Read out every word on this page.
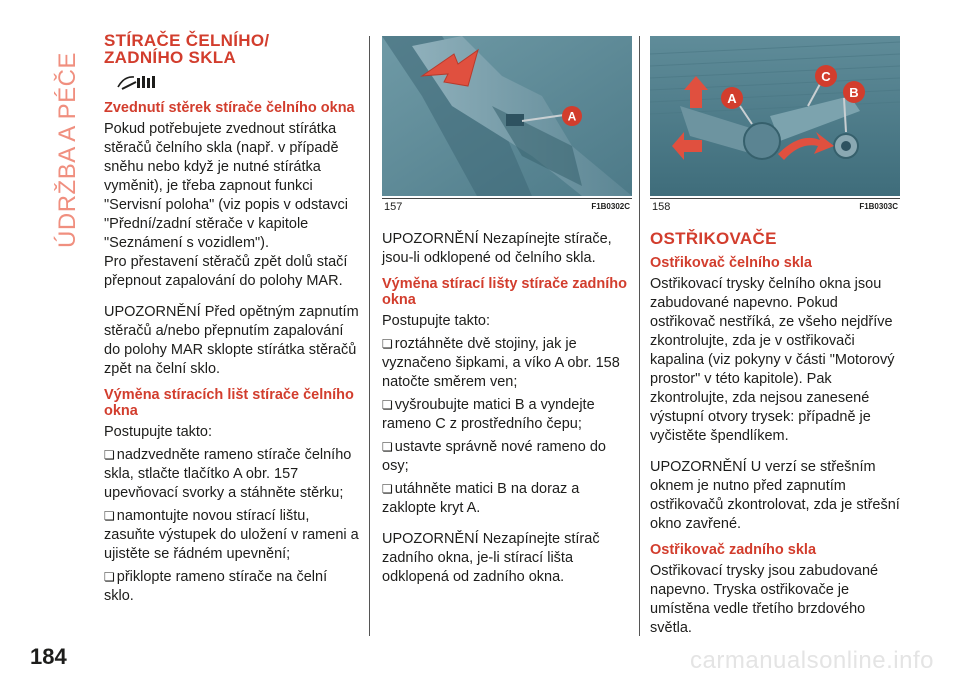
ÚDRŽBA A PÉČE
STÍRAČE ČELNÍHO/
ZADNÍHO SKLA
Zvednutí stěrek stírače čelního okna

Pokud potřebujete zvednout stírátka stěračů čelního skla (např. v případě sněhu nebo když je nutné stírátka vyměnit), je třeba zapnout funkci "Servisní poloha" (viz popis v odstavci "Přední/zadní stěrače v kapitole "Seznámení s vozidlem").

Pro přestavení stěračů zpět dolů stačí přepnout zapalování do polohy MAR.

UPOZORNĚNÍ Před opětným zapnutím stěračů a/nebo přepnutím zapalování do polohy MAR sklopte stírátka stěračů zpět na čelní sklo.

Výměna stíracích lišt stírače čelního okna

Postupujte takto:

❏ nadzvedněte rameno stírače čelního skla, stlačte tlačítko A obr. 157 upevňovací svorky a stáhněte stěrku;

❏ namontujte novou stírací lištu, zasuňte výstupek do uložení v rameni a ujistěte se řádném upevnění;

❏ přiklopte rameno stírače na čelní sklo.

A
157	F1B0302C
A
C
B
158	F1B0303C

UPOZORNĚNÍ Nezapínejte stírače, jsou-li odklopené od čelního skla.

Výměna stírací lišty stírače zadního okna

Postupujte takto:

❏ roztáhněte dvě stojiny, jak je vyznačeno šipkami, a víko A obr. 158 natočte směrem ven;

❏ vyšroubujte matici B a vyndejte rameno C z prostředního čepu;

❏ ustavte správně nové rameno do osy;

❏ utáhněte matici B na doraz a zaklopte kryt A.

UPOZORNĚNÍ Nezapínejte stírač zadního okna, je-li stírací lišta odklopená od zadního okna.

OSTŘIKOVAČE
Ostřikovač čelního skla

Ostřikovací trysky čelního okna jsou zabudované napevno. Pokud ostřikovač nestříká, ze všeho nejdříve zkontrolujte, zda je v ostřikovači kapalina (viz pokyny v části "Motorový prostor" v této kapitole). Pak zkontrolujte, zda nejsou zanesené výstupní otvory trysek: případně je vyčistěte špendlíkem.

UPOZORNĚNÍ U verzí se střešním oknem je nutno před zapnutím ostřikovačů zkontrolovat, zda je střešní okno zavřené.

Ostřikovač zadního skla

Ostřikovací trysky jsou zabudované napevno. Tryska ostřikovače je umístěna vedle třetího brzdového světla.

184	carmanualsonline.info
